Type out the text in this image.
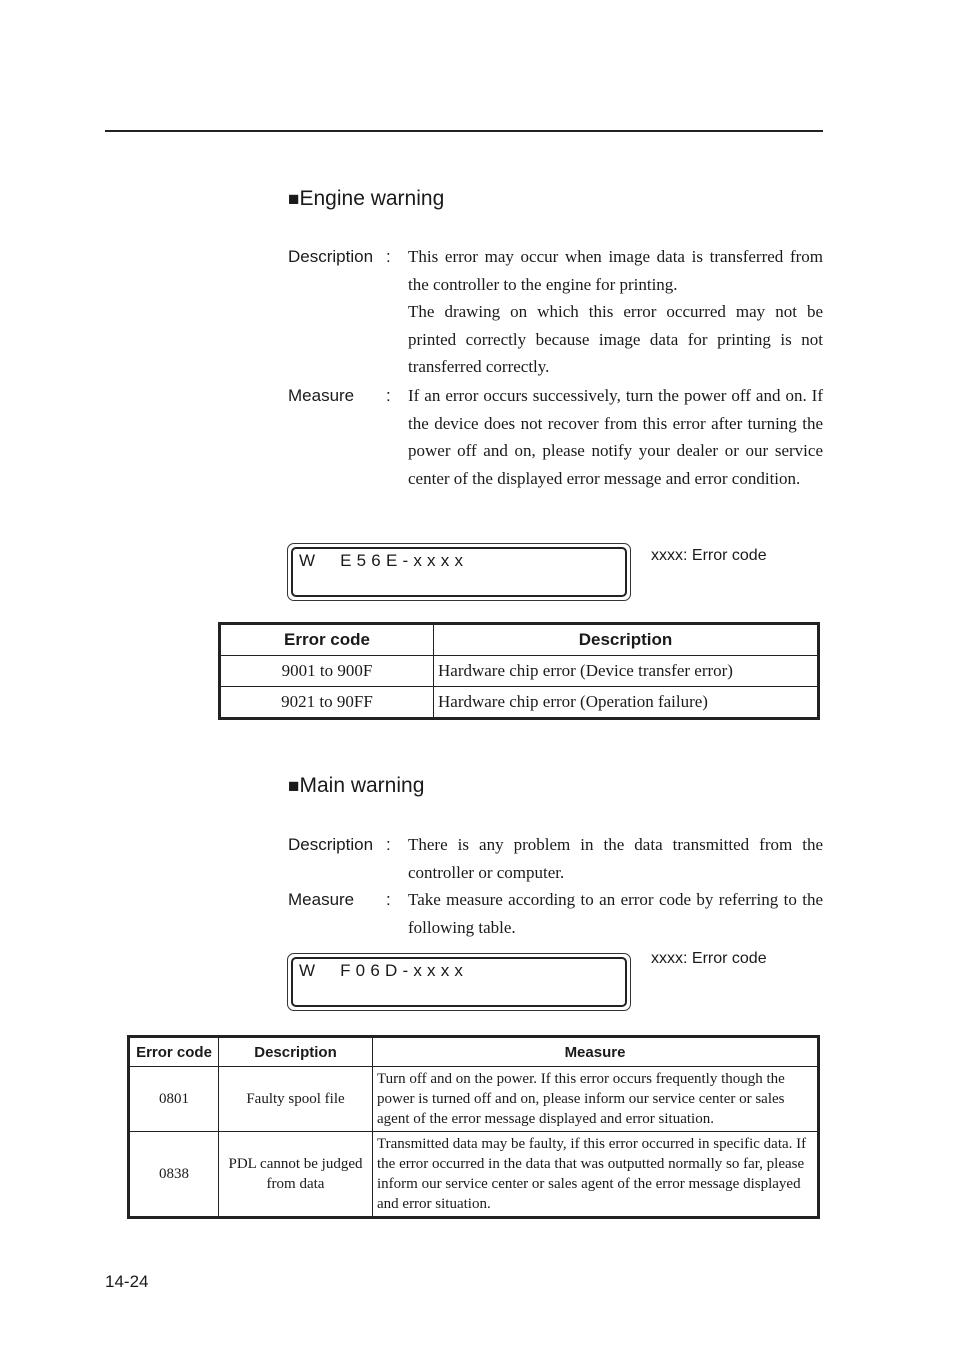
■Engine warning
Description : This error may occur when image data is transferred from the controller to the engine for printing.

The drawing on which this error occurred may not be printed correctly because image data for printing is not transferred correctly.

Measure : If an error occurs successively, turn the power off and on. If the device does not recover from this error after turning the power off and on, please notify your dealer or our service center of the displayed error message and error condition.
W  E56E-xxxx	xxxx: Error code
Error code	Description
9001 to 900F	Hardware chip error (Device transfer error)
9021 to 90FF	Hardware chip error (Operation failure)
■Main warning
Description : There is any problem in the data transmitted from the controller or computer.
Measure : Take measure according to an error code by referring to the following table.
W  F06D-xxxx
xxxx: Error code
Error code	Description	Measure
0801	Faulty spool file	Turn off and on the power. If this error occurs frequently though the power is turned off and on, please inform our service center or sales agent of the error message displayed and error situation.
0838	PDL cannot be judged from data	Transmitted data may be faulty, if this error occurred in specific data. If the error occurred in the data that was outputted normally so far, please inform our service center or sales agent of the error message displayed and error situation.
14-24
